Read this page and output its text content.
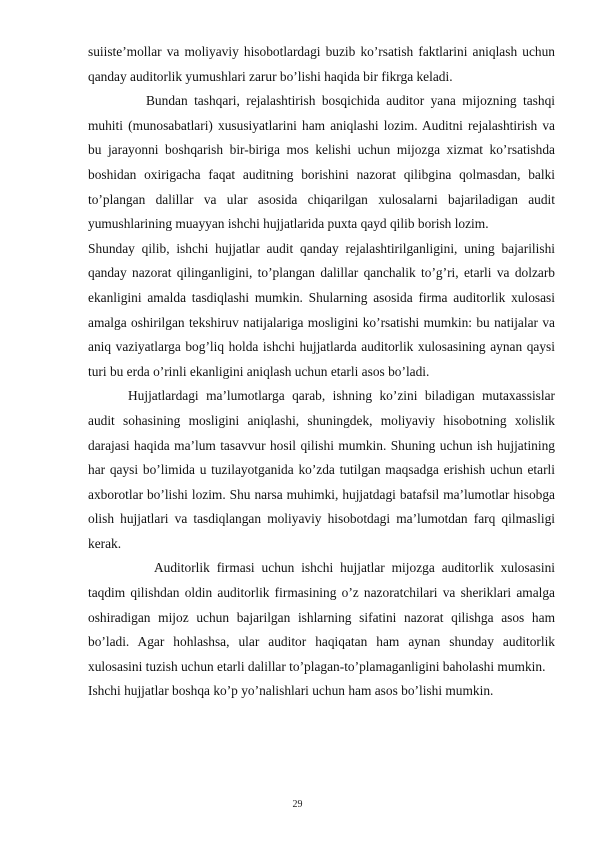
suiiste’mollar va moliyaviy hisobotlardagi buzib ko’rsatish faktlarini aniqlash uchun qanday auditorlik yumushlari zarur bo’lishi haqida bir fikrga keladi.

Bundan tashqari, rejalashtirish bosqichida auditor yana mijozning tashqi muhiti (munosabatlari) xususiyatlarini ham aniqlashi lozim. Auditni rejalashtirish va bu jarayonni boshqarish bir-biriga mos kelishi uchun mijozga xizmat ko’rsatishda boshidan oxirigacha faqat auditning borishini nazorat qilibgina qolmasdan, balki to’plangan dalillar va ular asosida chiqarilgan xulosalarni bajariladigan audit yumushlarining muayyan ishchi hujjatlarida puxta qayd qilib borish lozim.

Shunday qilib, ishchi hujjatlar audit qanday rejalashtirilganligini, uning bajarilishi qanday nazorat qilinganligini, to’plangan dalillar qanchalik to’g’ri, etarli va dolzarb ekanligini amalda tasdiqlashi mumkin. Shularning asosida firma auditorlik xulosasi amalga oshirilgan tekshiruv natijalariga mosligini ko’rsatishi mumkin: bu natijalar va aniq vaziyatlarga bog’liq holda ishchi hujjatlarda auditorlik xulosasining aynan qaysi turi bu erda o’rinli ekanligini aniqlash uchun etarli asos bo’ladi.

Hujjatlardagi ma’lumotlarga qarab, ishning ko’zini biladigan mutaxassislar audit sohasining mosligini aniqlashi, shuningdek, moliyaviy hisobotning xolislik darajasi haqida ma’lum tasavvur hosil qilishi mumkin. Shuning uchun ish hujjatining har qaysi bo’limida u tuzilayotganida ko’zda tutilgan maqsadga erishish uchun etarli axborotlar bo’lishi lozim. Shu narsa muhimki, hujjatdagi batafsil ma’lumotlar hisobga olish hujjatlari va tasdiqlangan moliyaviy hisobotdagi ma’lumotdan farq qilmasligi kerak.

Auditorlik firmasi uchun ishchi hujjatlar mijozga auditorlik xulosasini taqdim qilishdan oldin auditorlik firmasining o’z nazoratchilari va sheriklari amalga oshiradigan mijoz uchun bajarilgan ishlarning sifatini nazorat qilishga asos ham bo’ladi. Agar hohlashsa, ular auditor haqiqatan ham aynan shunday auditorlik xulosasini tuzish uchun etarli dalillar to’plagan-to’plamaganligini baholashi mumkin.

Ishchi hujjatlar boshqa ko’p yo’nalishlari uchun ham asos bo’lishi mumkin.

29
